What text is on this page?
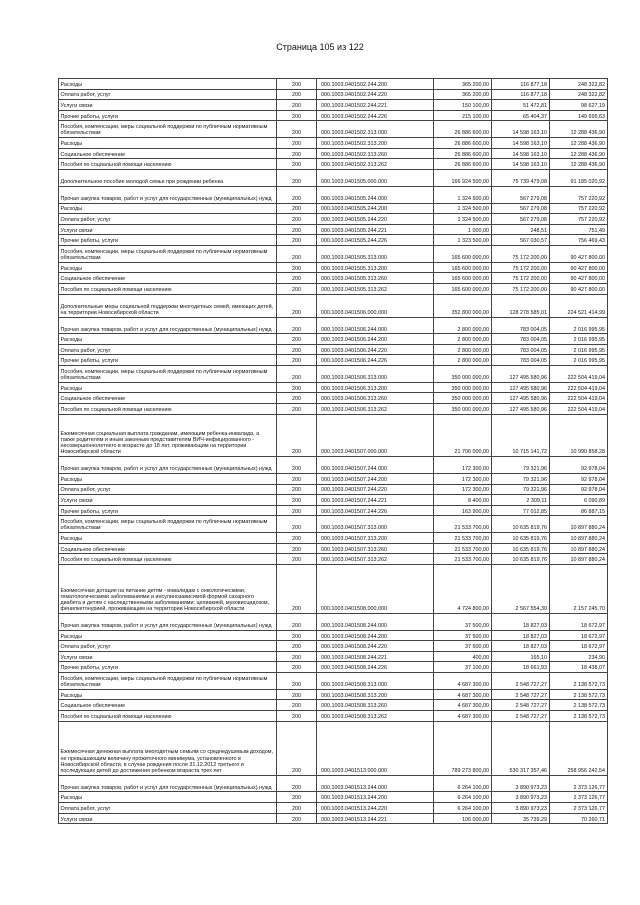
Страница 105 из 122
Расходы	200	000.1003.0401502.244.200	365 200,00	116 877,18	248 322,82
Оплата работ, услуг	200	000.1003.0401502.244.220	365 200,00	116 877,18	248 322,82
Услуги связи	200	000.1003.0401502.244.221	150 100,00	51 472,81	98 627,19
Прочие работы, услуги	200	000.1003.0401502.244.226	215 100,00	65 404,37	149 695,63
Пособия, компенсации, меры социальной поддержки по публичным нормативным обязательствам	200	000.1003.0401502.313.000	26 886 600,00	14 598 163,10	12 288 436,90
Расходы	200	000.1003.0401502.313.200	26 886 600,00	14 598 163,10	12 288 436,90
Социальное обеспечение	200	000.1003.0401502.313.260	26 886 600,00	14 598 163,10	12 288 436,90
Пособия по социальной помощи населению	200	000.1003.0401502.313.262	26 886 600,00	14 598 163,10	12 288 436,90
Дополнительное пособие молодой семье при рождении ребенка	200	000.1003.0401505.000.000	166 924 500,00	75 739 479,08	91 185 020,92
Прочая закупка товаров, работ и услуг для государственных (муниципальных) нужд	200	000.1003.0401505.244.000	1 324 500,00	567 279,08	757 220,92
Расходы	200	000.1003.0401505.244.200	1 324 500,00	567 279,08	757 220,92
Оплата работ, услуг	200	000.1003.0401505.244.220	1 324 500,00	567 279,08	757 220,92
Услуги связи	200	000.1003.0401505.244.221	1 000,00	248,51	751,49
Прочие работы, услуги	200	000.1003.0401505.244.226	1 323 500,00	567 030,57	756 469,43
Пособия, компенсации, меры социальной поддержки по публичным нормативным обязательствам	200	000.1003.0401505.313.000	165 600 000,00	75 172 200,00	90 427 800,00
Расходы	200	000.1003.0401505.313.200	165 600 000,00	75 172 200,00	90 427 800,00
Социальное обеспечение	200	000.1003.0401505.313.260	165 600 000,00	75 172 200,00	90 427 800,00
Пособия по социальной помощи населению	200	000.1003.0401505.313.262	165 600 000,00	75 172 200,00	90 427 800,00
Дополнительные меры социальной поддержки многодетных семей, имеющих детей, на территории Новосибирской области	200	000.1003.0401506.000.000	352 800 000,00	128 278 585,01	224 521 414,99
Прочая закупка товаров, работ и услуг для государственных (муниципальных) нужд	200	000.1003.0401506.244.000	2 800 000,00	783 004,05	2 016 995,95
Расходы	200	000.1003.0401506.244.200	2 800 000,00	783 004,05	2 016 995,95
Оплата работ, услуг	200	000.1003.0401506.244.220	2 800 000,00	783 004,05	2 016 995,95
Прочие работы, услуги	200	000.1003.0401506.244.226	2 800 000,00	783 004,05	2 016 995,95
Пособия, компенсации, меры социальной поддержки по публичным нормативным обязательствам	200	000.1003.0401506.313.000	350 000 000,00	127 495 580,96	222 504 419,04
Расходы	200	000.1003.0401506.313.200	350 000 000,00	127 495 580,96	222 504 419,04
Социальное обеспечение	200	000.1003.0401506.313.260	350 000 000,00	127 495 580,96	222 504 419,04
Пособия по социальной помощи населению	200	000.1003.0401506.313.262	350 000 000,00	127 495 580,96	222 504 419,04
Ежемесячная социальная выплата гражданам, имеющим ребенка-инвалида, а также родителям и иным законным представителям ВИЧ-инфицированного - несовершеннолетнего в возрасте до 18 лет, проживающим на территории Новосибирской области	200	000.1003.0401507.000.000	21 706 000,00	10 715 141,72	10 990 858,28
Прочая закупка товаров, работ и услуг для государственных (муниципальных) нужд	200	000.1003.0401507.244.000	172 300,00	79 321,96	92 978,04
Расходы	200	000.1003.0401507.244.200	172 300,00	79 321,96	92 978,04
Оплата работ, услуг	200	000.1003.0401507.244.220	172 300,00	79 321,96	92 978,04
Услуги связи	200	000.1003.0401507.244.221	8 400,00	2 309,11	6 090,89
Прочие работы, услуги	200	000.1003.0401507.244.226	163 900,00	77 012,85	86 887,15
Пособия, компенсации, меры социальной поддержки по публичным нормативным обязательствам	200	000.1003.0401507.313.000	21 533 700,00	10 635 819,76	10 897 880,24
Расходы	200	000.1003.0401507.313.200	21 533 700,00	10 635 819,76	10 897 880,24
Социальное обеспечение	200	000.1003.0401507.313.260	21 533 700,00	10 635 819,76	10 897 880,24
Пособия по социальной помощи населению	200	000.1003.0401507.313.262	21 533 700,00	10 635 819,76	10 897 880,24
Ежемесячная дотация на питание детям - инвалидам с онкологическими, гематологическими заболеваниями и инсулинозависимой формой сахарного диабета и детям с наследственными заболеваниями: целиакией, муковисцидозом, фенилкетонурией, проживающим на территории Новосибирской области	200	000.1003.0401508.000.000	4 724 800,00	2 567 554,30	2 157 245,70
Прочая закупка товаров, работ и услуг для государственных (муниципальных) нужд	200	000.1003.0401508.244.000	37 500,00	18 827,03	18 672,97
Расходы	200	000.1003.0401508.244.200	37 500,00	18 827,03	18 672,97
Оплата работ, услуг	200	000.1003.0401508.244.220	37 500,00	18 827,03	18 672,97
Услуги связи	200	000.1003.0401508.244.221	400,00	165,10	234,90
Прочие работы, услуги	200	000.1003.0401508.244.226	37 100,00	18 661,93	18 438,07
Пособия, компенсации, меры социальной поддержки по публичным нормативным обязательствам	200	000.1003.0401508.313.000	4 687 300,00	2 548 727,27	2 138 572,73
Расходы	200	000.1003.0401508.313.200	4 687 300,00	2 548 727,27	2 138 572,73
Социальное обеспечение	200	000.1003.0401508.313.260	4 687 300,00	2 548 727,27	2 138 572,73
Пособия по социальной помощи населению	200	000.1003.0401508.313.262	4 687 300,00	2 548 727,27	2 138 572,73
Ежемесячная денежная выплата многодетным семьям со среднедушевым доходом, не превышающим величину прожиточного минимума, установленного в Новосибирской области, в случае рождения после 31.12.2012 третьего и последующих детей до достижения ребенком возраста трех лет	200	000.1003.0401513.000.000	789 273 800,00	530 317 357,46	258 956 242,54
Прочая закупка товаров, работ и услуг для государственных (муниципальных) нужд	200	000.1003.0401513.244.000	6 264 100,00	3 890 973,23	2 373 126,77
Расходы	200	000.1003.0401513.244.200	6 264 100,00	3 890 973,23	2 373 126,77
Оплата работ, услуг	200	000.1003.0401513.244.220	6 264 100,00	3 890 973,23	2 373 126,77
Услуги связи	200	000.1003.0401513.244.221	106 000,00	35 739,29	70 260,71
